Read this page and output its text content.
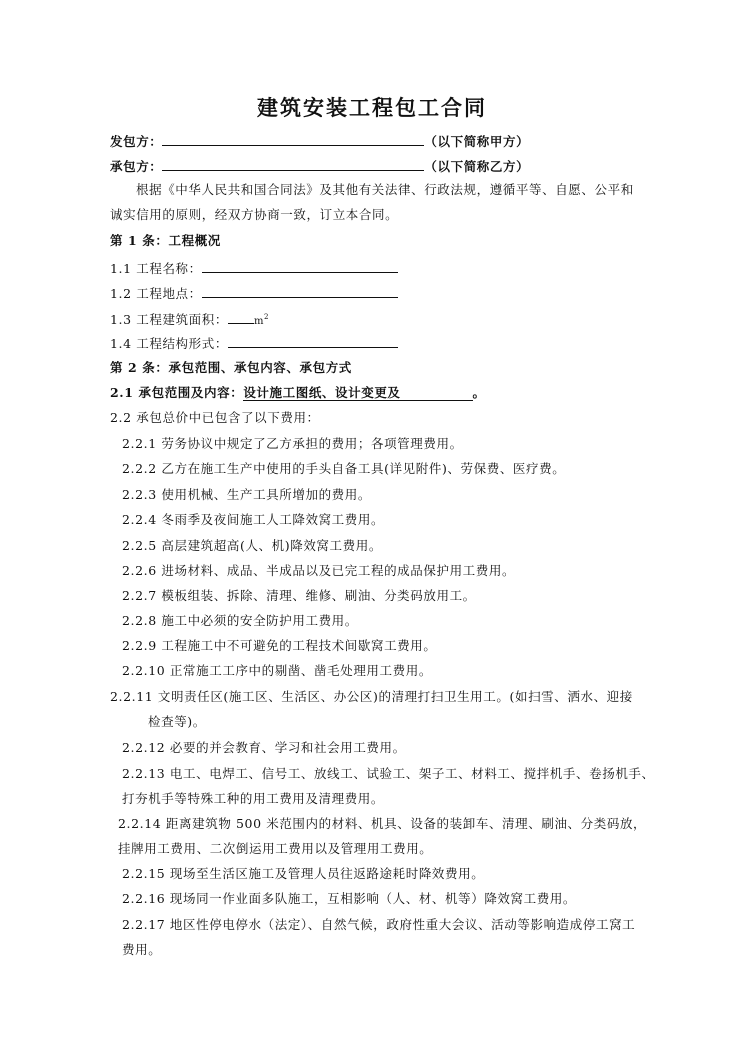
建筑安装工程包工合同
发包方：	（以下简称甲方）
承包方：	（以下简称乙方）
根据《中华人民共和国合同法》及其他有关法律、行政法规，遵循平等、自愿、公平和
诚实信用的原则，经双方协商一致，订立本合同。
第 1 条：工程概况
1.1 工程名称：
1.2 工程地点：
1.3 工程建筑面积：	$m^2$
1.4 工程结构形式：
第 2 条：承包范围、承包内容、承包方式
2.1 承包范围及内容：设计施工图纸、设计变更及	。
2.2 承包总价中已包含了以下费用：
2.2.1 劳务协议中规定了乙方承担的费用；各项管理费用。
2.2.2 乙方在施工生产中使用的手头自备工具(详见附件)、劳保费、医疗费。
2.2.3 使用机械、生产工具所增加的费用。
2.2.4 冬雨季及夜间施工人工降效窝工费用。
2.2.5 高层建筑超高(人、机)降效窝工费用。
2.2.6 进场材料、成品、半成品以及已完工程的成品保护用工费用。
2.2.7 模板组装、拆除、清理、维修、刷油、分类码放用工。
2.2.8 施工中必须的安全防护用工费用。
2.2.9 工程施工中不可避免的工程技术间歇窝工费用。
2.2.10 正常施工工序中的剔凿、凿毛处理用工费用。
2.2.11 文明责任区(施工区、生活区、办公区)的清理打扫卫生用工。(如扫雪、洒水、迎接
检查等)。
2.2.12 必要的并会教育、学习和社会用工费用。
2.2.13 电工、电焊工、信号工、放线工、试验工、架子工、材料工、搅拌机手、卷扬机手、
打夯机手等特殊工种的用工费用及清理费用。
2.2.14 距离建筑物 500 米范围内的材料、机具、设备的装卸车、清理、刷油、分类码放，
挂牌用工费用、二次倒运用工费用以及管理用工费用。
2.2.15 现场至生活区施工及管理人员往返路途耗时降效费用。
2.2.16 现场同一作业面多队施工，互相影响（人、材、机等）降效窝工费用。
2.2.17 地区性停电停水（法定）、自然气候，政府性重大会议、活动等影响造成停工窝工
费用。
